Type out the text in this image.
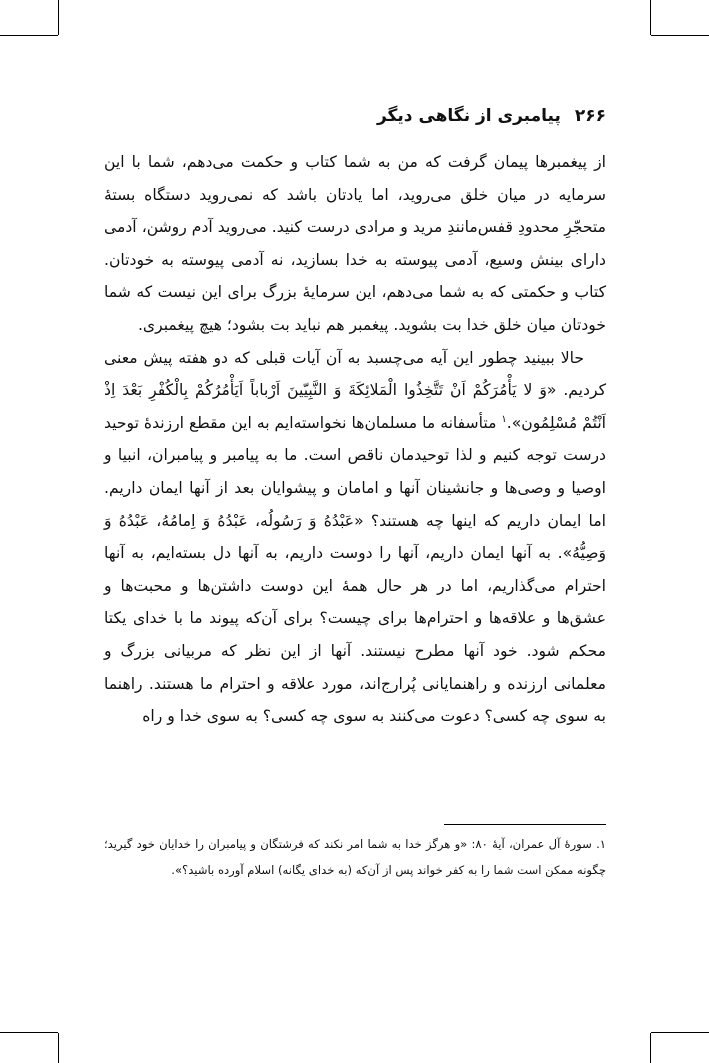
۲۶۶
پیامبری از نگاهی دیگر

از پیغمبرها پیمان گرفت که من به شما کتاب و حکمت می‌دهم، شما با این سرمایه در میان خلق می‌روید، اما یادتان باشد که نمی‌روید دستگاه بستهٔ متحجّرِ محدودِ قفس‌مانندِ مرید و مرادی درست کنید. می‌روید آدم روشن، آدمی دارای بینش وسیع، آدمی پیوسته به خدا بسازید، نه آدمی پیوسته به خودتان. کتاب و حکمتی که به شما می‌دهم، این سرمایهٔ بزرگ برای این نیست که شما خودتان میان خلق خدا بت بشوید. پیغمبر هم نباید بت بشود؛ هیچ پیغمبری.

حالا ببینید چطور این آیه می‌چسبد به آن آیات قبلی که دو هفته پیش معنی کردیم. «وَ لا یَأْمُرَکُمْ اَنْ تَتَّخِذُوا الْمَلائِکَةَ وَ النَّبِیّینَ اَرْباباً اَیَأْمُرُکُمْ بِالْکُفْرِ بَعْدَ اِذْ اَنْتُمْ مُسْلِمُون».$^۱$ متأسفانه ما مسلمان‌ها نخواسته‌ایم به این مقطع ارزندهٔ توحید درست توجه کنیم و لذا توحیدمان ناقص است. ما به پیامبر و پیامبران، انبیا و اوصیا و وصی‌ها و جانشینان آنها و امامان و پیشوایان بعد از آنها ایمان داریم. اما ایمان داریم که اینها چه هستند؟ «عَبْدُهُ وَ رَسُولُه، عَبْدُهُ وَ اِمامُهُ، عَبْدُهُ وَ وَصِیُّهُ». به آنها ایمان داریم، آنها را دوست داریم، به آنها دل بسته‌ایم، به آنها احترام می‌گذاریم، اما در هر حال همهٔ این دوست داشتن‌ها و محبت‌ها و عشق‌ها و علاقه‌ها و احترام‌ها برای چیست؟ برای آن‌که پیوند ما با خدای یکتا محکم شود. خود آنها مطرح نیستند. آنها از این نظر که مربیانی بزرگ و معلمانی ارزنده و راهنمایانی پُرارج‌اند، مورد علاقه و احترام ما هستند. راهنما به سوی چه کسی؟ دعوت می‌کنند به سوی چه کسی؟ به سوی خدا و راه

۱. سورهٔ آل عمران، آیهٔ ۸۰: «و هرگز خدا به شما امر نکند که فرشتگان و پیامبران را خدایان خود گیرید؛ چگونه ممکن است شما را به کفر خواند پس از آن‌که (به خدای یگانه) اسلام آورده باشید؟».
